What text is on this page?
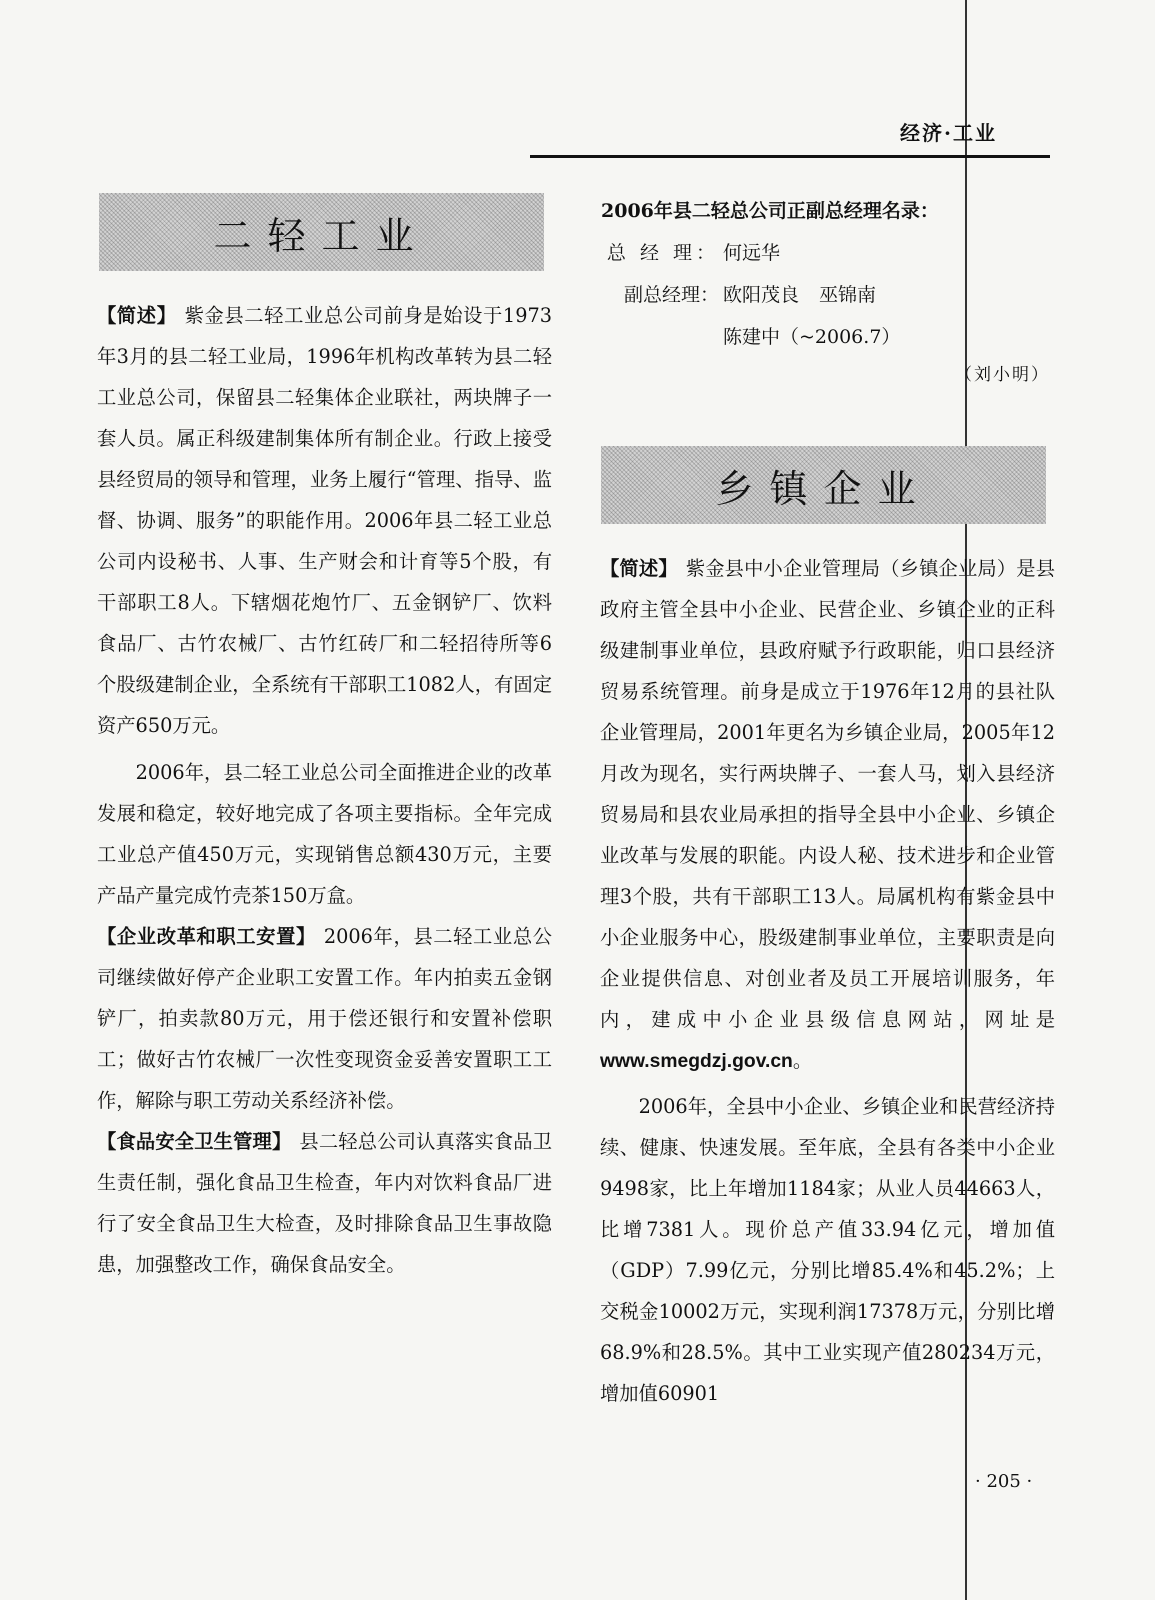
经济·工业
二轻工业

【简述】 紫金县二轻工业总公司前身是始设于1973年3月的县二轻工业局，1996年机构改革转为县二轻工业总公司，保留县二轻集体企业联社，两块牌子一套人员。属正科级建制集体所有制企业。行政上接受县经贸局的领导和管理，业务上履行“管理、指导、监督、协调、服务”的职能作用。2006年县二轻工业总公司内设秘书、人事、生产财会和计育等5个股，有干部职工8人。下辖烟花炮竹厂、五金钢铲厂、饮料食品厂、古竹农械厂、古竹红砖厂和二轻招待所等6个股级建制企业，全系统有干部职工1082人，有固定资产650万元。

2006年，县二轻工业总公司全面推进企业的改革发展和稳定，较好地完成了各项主要指标。全年完成工业总产值450万元，实现销售总额430万元，主要产品产量完成竹壳茶150万盒。

【企业改革和职工安置】 2006年，县二轻工业总公司继续做好停产企业职工安置工作。年内拍卖五金钢铲厂，拍卖款80万元，用于偿还银行和安置补偿职工；做好古竹农械厂一次性变现资金妥善安置职工工作，解除与职工劳动关系经济补偿。

【食品安全卫生管理】 县二轻总公司认真落实食品卫生责任制，强化食品卫生检查，年内对饮料食品厂进行了安全食品卫生大检查，及时排除食品卫生事故隐患，加强整改工作，确保食品安全。

2006年县二轻总公司正副总经理名录：
总 经 理： 何远华
副总经理： 欧阳茂良 巫锦南
陈建中（~2006.7）
（刘小明）
乡镇企业

【简述】 紫金县中小企业管理局（乡镇企业局）是县政府主管全县中小企业、民营企业、乡镇企业的正科级建制事业单位，县政府赋予行政职能，归口县经济贸易系统管理。前身是成立于1976年12月的县社队企业管理局，2001年更名为乡镇企业局，2005年12月改为现名，实行两块牌子、一套人马，划入县经济贸易局和县农业局承担的指导全县中小企业、乡镇企业改革与发展的职能。内设人秘、技术进步和企业管理3个股，共有干部职工13人。局属机构有紫金县中小企业服务中心，股级建制事业单位，主要职责是向企业提供信息、对创业者及员工开展培训服务，年内，建成中小企业县级信息网站，网址是www.smegdzj.gov.cn。

2006年，全县中小企业、乡镇企业和民营经济持续、健康、快速发展。至年底，全县有各类中小企业9498家，比上年增加1184家；从业人员44663人，比增7381人。现价总产值33.94亿元，增加值（GDP）7.99亿元，分别比增85.4%和45.2%；上交税金10002万元，实现利润17378万元，分别比增68.9%和28.5%。其中工业实现产值280234万元，增加值60901

· 205 ·
